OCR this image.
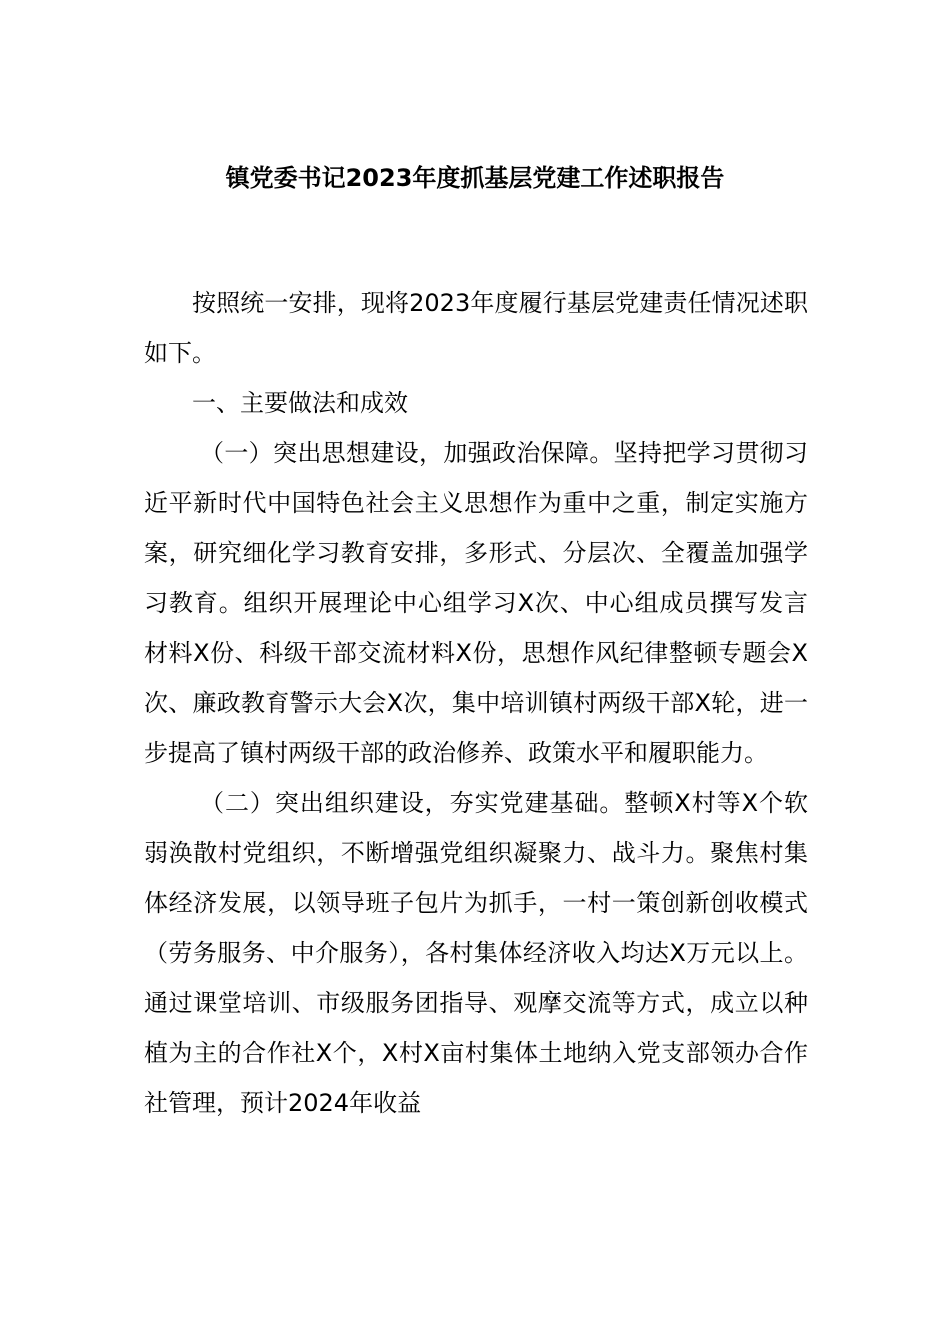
镇党委书记2023年度抓基层党建工作述职报告

按照统一安排，现将2023年度履行基层党建责任情况述职如下。

一、主要做法和成效

（一）突出思想建设，加强政治保障。坚持把学习贯彻习近平新时代中国特色社会主义思想作为重中之重，制定实施方案，研究细化学习教育安排，多形式、分层次、全覆盖加强学习教育。组织开展理论中心组学习X次、中心组成员撰写发言材料X份、科级干部交流材料X份，思想作风纪律整顿专题会X次、廉政教育警示大会X次，集中培训镇村两级干部X轮，进一步提高了镇村两级干部的政治修养、政策水平和履职能力。

（二）突出组织建设，夯实党建基础。整顿X村等X个软弱涣散村党组织，不断增强党组织凝聚力、战斗力。聚焦村集体经济发展，以领导班子包片为抓手，一村一策创新创收模式（劳务服务、中介服务），各村集体经济收入均达X万元以上。通过课堂培训、市级服务团指导、观摩交流等方式，成立以种植为主的合作社X个，X村X亩村集体土地纳入党支部领办合作社管理，预计2024年收益
